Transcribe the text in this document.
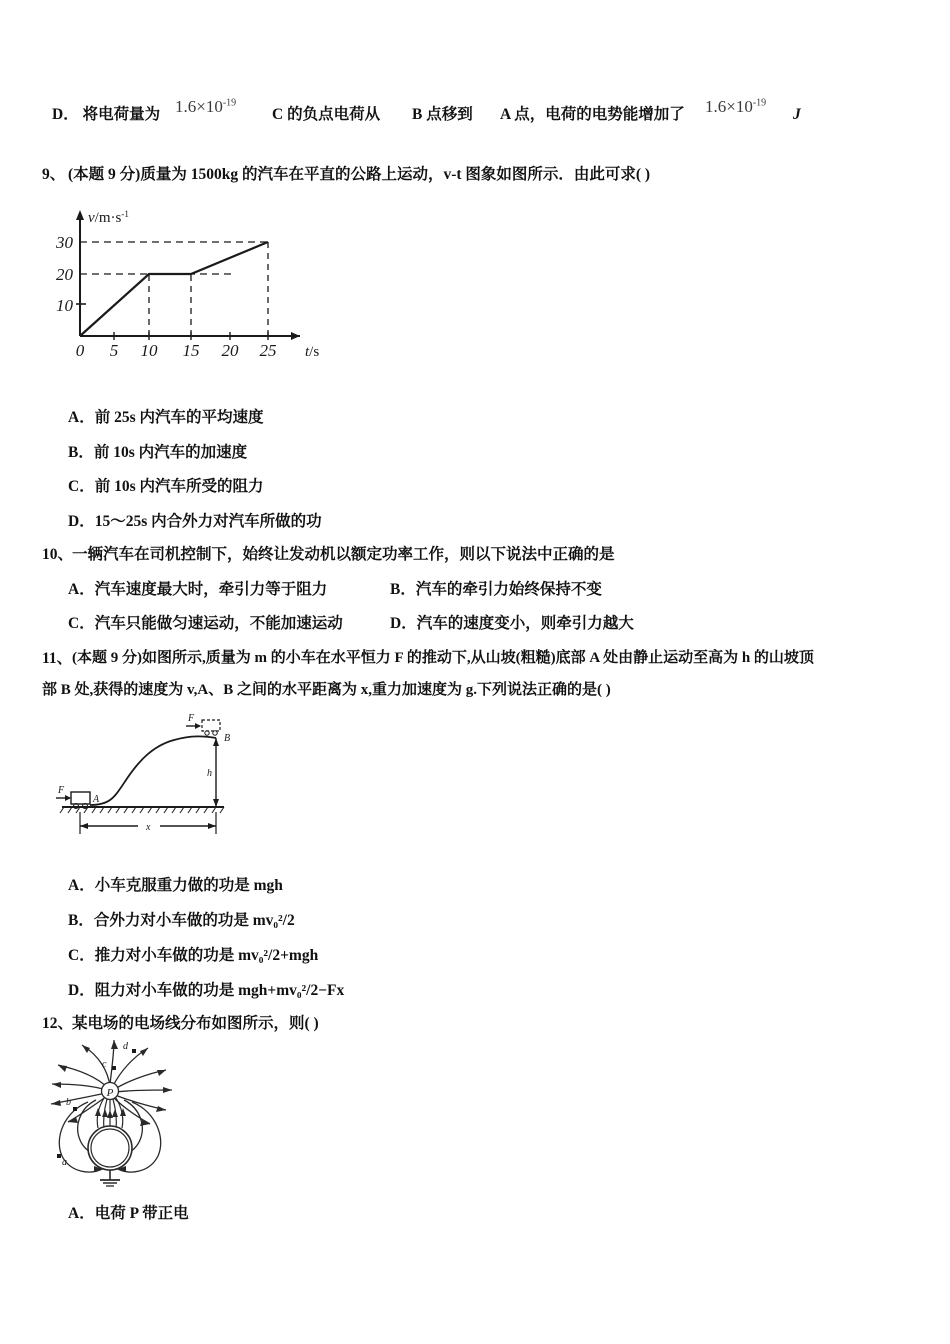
D． 将电荷量为 $1.6\times 10^{-19}$
C 的负点电荷从 B 点移到 A 点，电荷的电势能增加了 $1.6\times 10^{-19}$
J
9、 (本题 9 分)质量为 1500kg 的汽车在平直的公路上运动，v-t 图象如图所示．由此可求( )
30
20
10
0 5 10 15 20 25 t/s
$v/m\cdot s^{-1}$
A．前 25s 内汽车的平均速度
B．前 10s 内汽车的加速度
C．前 10s 内汽车所受的阻力
D．15～25s 内合外力对汽车所做的功
10、
一辆汽车在司机控制下，始终让发动机以额定功率工作，则以下说法中正确的是
A．汽车速度最大时，牵引力等于阻力	B．汽车的牵引力始终保持不变
C．汽车只能做匀速运动，不能加速运动	D．汽车的速度变小，则牵引力越大
11、 (本题 9 分)如图所示,质量为 m 的小车在水平恒力 F 的推动下,从山坡(粗糙)底部 A 处由静止运动至高为 h 的山坡顶
部 B 处,获得的速度为 v,A、B 之间的水平距离为 x,重力加速度为 g.下列说法正确的是( )
F
A
F
B
h
x
A．小车克服重力做的功是 mgh
B．合外力对小车做的功是 mv₀²/2
C．推力对小车做的功是 mv₀²/2+mgh
D．阻力对小车做的功是 mgh+mv₀²/2−Fx
12、
某电场的电场线分布如图所示，则( )
P
a
b
c
d
A．电荷 P 带正电
